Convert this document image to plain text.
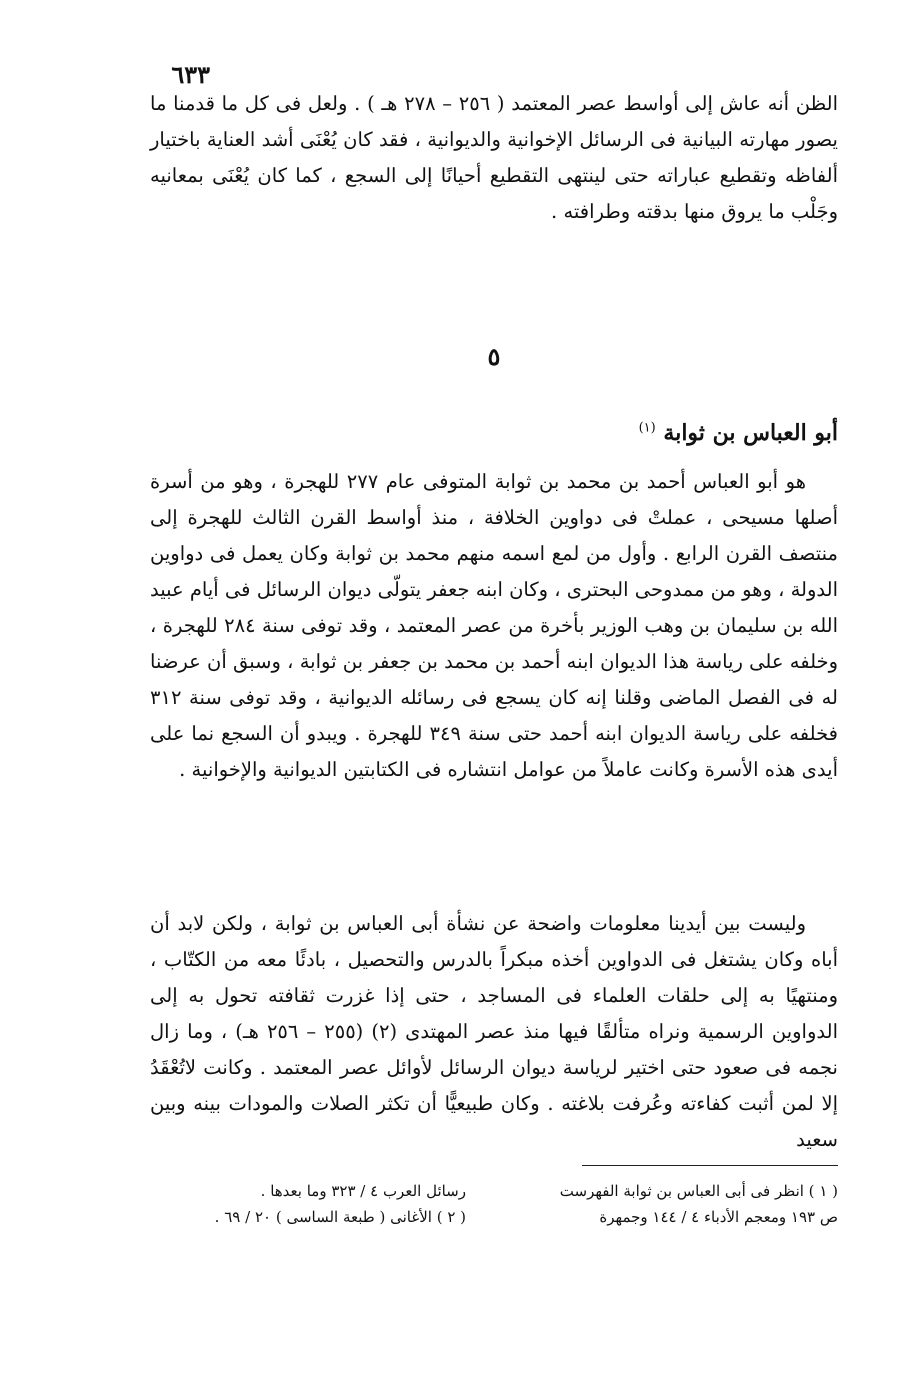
٦٣٣

الظن أنه عاش إلى أواسط عصر المعتمد ( ٢٥٦ – ٢٧٨ هـ ) . ولعل فى كل ما قدمنا ما يصور مهارته البيانية فى الرسائل الإخوانية والديوانية ، فقد كان يُعْنَى أشد العناية باختيار ألفاظه وتقطيع عباراته حتى لينتهى التقطيع أحيانًا إلى السجع ، كما كان يُعْنَى بمعانيه وجَلْب ما يروق منها بدقته وطرافته .

٥
أبو العباس بن ثوابة $^{(١)}$

هو أبو العباس أحمد بن محمد بن ثوابة المتوفى عام ٢٧٧ للهجرة ، وهو من أسرة أصلها مسيحى ، عملتْ فى دواوين الخلافة ، منذ أواسط القرن الثالث للهجرة إلى منتصف القرن الرابع . وأول من لمع اسمه منهم محمد بن ثوابة وكان يعمل فى دواوين الدولة ، وهو من ممدوحى البحترى ، وكان ابنه جعفر يتولّى ديوان الرسائل فى أيام عبيد الله بن سليمان بن وهب الوزير بأخرة من عصر المعتمد ، وقد توفى سنة ٢٨٤ للهجرة ، وخلفه على رياسة هذا الديوان ابنه أحمد بن محمد بن جعفر بن ثوابة ، وسبق أن عرضنا له فى الفصل الماضى وقلنا إنه كان يسجع فى رسائله الديوانية ، وقد توفى سنة ٣١٢ فخلفه على رياسة الديوان ابنه أحمد حتى سنة ٣٤٩ للهجرة . ويبدو أن السجع نما على أيدى هذه الأسرة وكانت عاملاً من عوامل انتشاره فى الكتابتين الديوانية والإخوانية .

وليست بين أيدينا معلومات واضحة عن نشأة أبى العباس بن ثوابة ، ولكن لابد أن أباه وكان يشتغل فى الدواوين أخذه مبكراً بالدرس والتحصيل ، بادئًا معه من الكتّاب ، ومنتهيًا به إلى حلقات العلماء فى المساجد ، حتى إذا غزرت ثقافته تحول به إلى الدواوين الرسمية ونراه متألقًا فيها منذ عصر المهتدى (٢) (٢٥٥ – ٢٥٦ هـ) ، وما زال نجمه فى صعود حتى اختير لرياسة ديوان الرسائل لأوائل عصر المعتمد . وكانت لاتُعْقَدُ إلا لمن أثبت كفاءته وعُرفت بلاغته . وكان طبيعيًّا أن تكثر الصلات والمودات بينه وبين سعيد

( ١ ) انظر فى أبى العباس بن ثوابة الفهرست
ص ١٩٣ ومعجم الأدباء ٤ / ١٤٤ وجمهرة
رسائل العرب ٤ / ٣٢٣ وما بعدها .
( ٢ ) الأغانى ( طبعة الساسى ) ٢٠ / ٦٩ .
